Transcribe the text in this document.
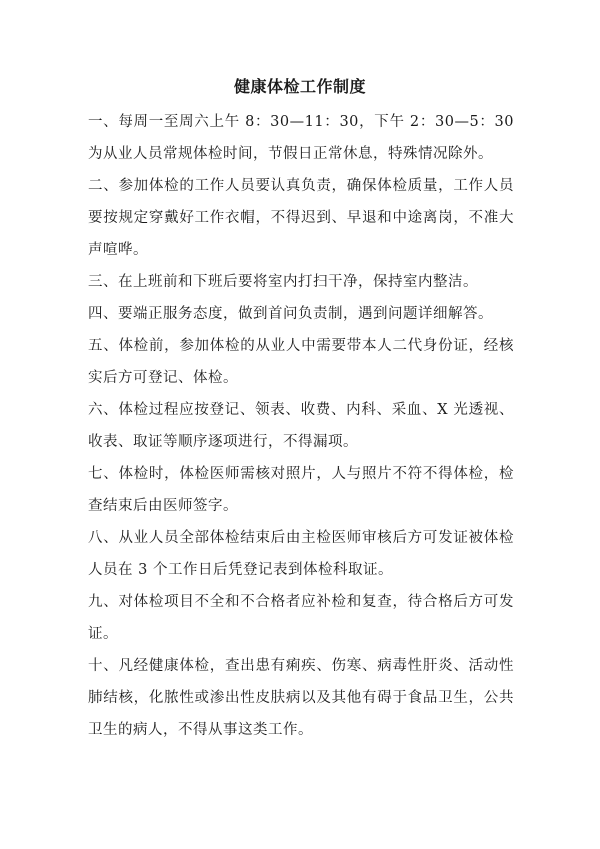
健康体检工作制度

一、每周一至周六上午 8：30—11：30，下午 2：30—5：30 为从业人员常规体检时间，节假日正常休息，特殊情况除外。

二、参加体检的工作人员要认真负责，确保体检质量，工作人员要按规定穿戴好工作衣帽，不得迟到、早退和中途离岗，不准大声喧哗。

三、在上班前和下班后要将室内打扫干净，保持室内整洁。

四、要端正服务态度，做到首问负责制，遇到问题详细解答。

五、体检前，参加体检的从业人中需要带本人二代身份证，经核实后方可登记、体检。

六、体检过程应按登记、领表、收费、内科、采血、X 光透视、收表、取证等顺序逐项进行，不得漏项。

七、体检时，体检医师需核对照片，人与照片不符不得体检，检查结束后由医师签字。

八、从业人员全部体检结束后由主检医师审核后方可发证被体检人员在 3 个工作日后凭登记表到体检科取证。

九、对体检项目不全和不合格者应补检和复查，待合格后方可发证。

十、凡经健康体检，查出患有痢疾、伤寒、病毒性肝炎、活动性肺结核，化脓性或渗出性皮肤病以及其他有碍于食品卫生，公共卫生的病人，不得从事这类工作。
